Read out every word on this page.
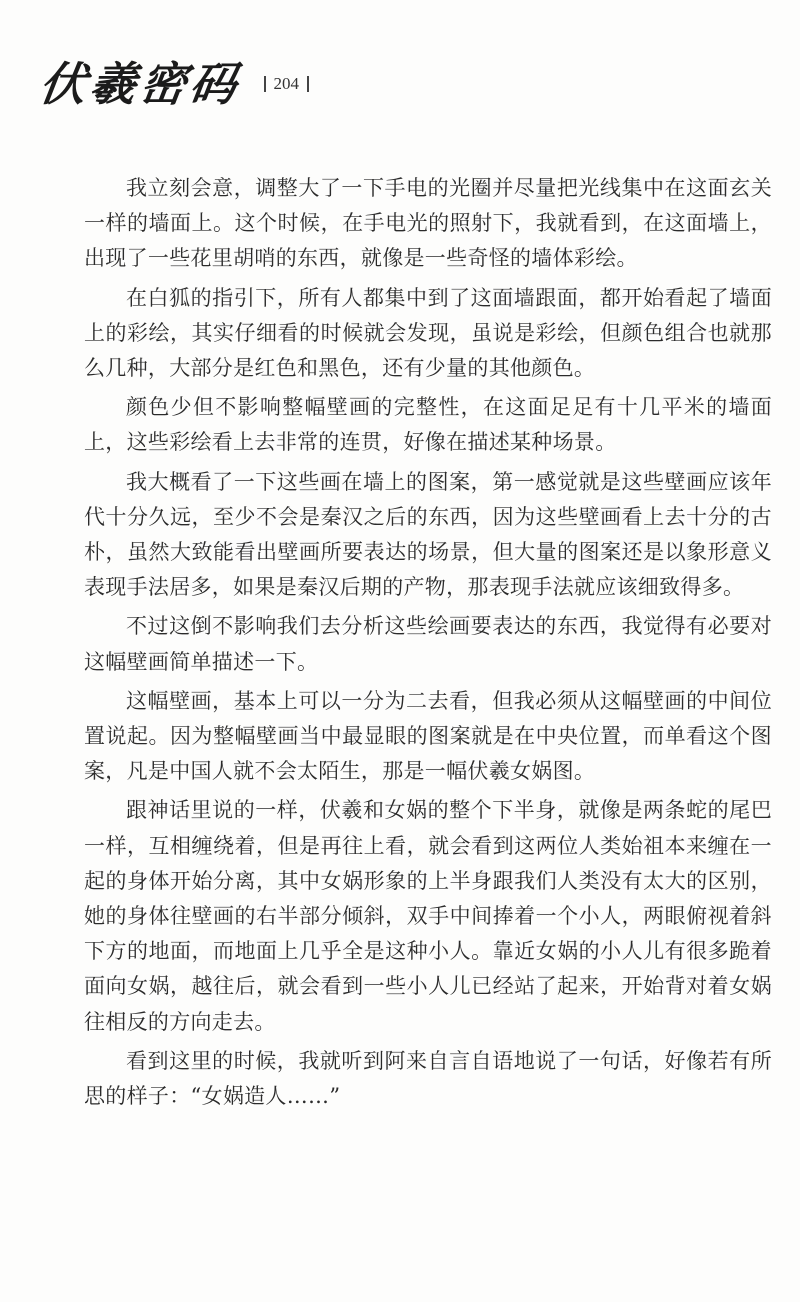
伏羲密码 204

我立刻会意，调整大了一下手电的光圈并尽量把光线集中在这面玄关一样的墙面上。这个时候，在手电光的照射下，我就看到，在这面墙上，出现了一些花里胡哨的东西，就像是一些奇怪的墙体彩绘。

在白狐的指引下，所有人都集中到了这面墙跟面，都开始看起了墙面上的彩绘，其实仔细看的时候就会发现，虽说是彩绘，但颜色组合也就那么几种，大部分是红色和黑色，还有少量的其他颜色。

颜色少但不影响整幅壁画的完整性，在这面足足有十几平米的墙面上，这些彩绘看上去非常的连贯，好像在描述某种场景。

我大概看了一下这些画在墙上的图案，第一感觉就是这些壁画应该年代十分久远，至少不会是秦汉之后的东西，因为这些壁画看上去十分的古朴，虽然大致能看出壁画所要表达的场景，但大量的图案还是以象形意义表现手法居多，如果是秦汉后期的产物，那表现手法就应该细致得多。

不过这倒不影响我们去分析这些绘画要表达的东西，我觉得有必要对这幅壁画简单描述一下。

这幅壁画，基本上可以一分为二去看，但我必须从这幅壁画的中间位置说起。因为整幅壁画当中最显眼的图案就是在中央位置，而单看这个图案，凡是中国人就不会太陌生，那是一幅伏羲女娲图。

跟神话里说的一样，伏羲和女娲的整个下半身，就像是两条蛇的尾巴一样，互相缠绕着，但是再往上看，就会看到这两位人类始祖本来缠在一起的身体开始分离，其中女娲形象的上半身跟我们人类没有太大的区别，她的身体往壁画的右半部分倾斜，双手中间捧着一个小人，两眼俯视着斜下方的地面，而地面上几乎全是这种小人。靠近女娲的小人儿有很多跪着面向女娲，越往后，就会看到一些小人儿已经站了起来，开始背对着女娲往相反的方向走去。

看到这里的时候，我就听到阿来自言自语地说了一句话，好像若有所思的样子：“女娲造人……”
